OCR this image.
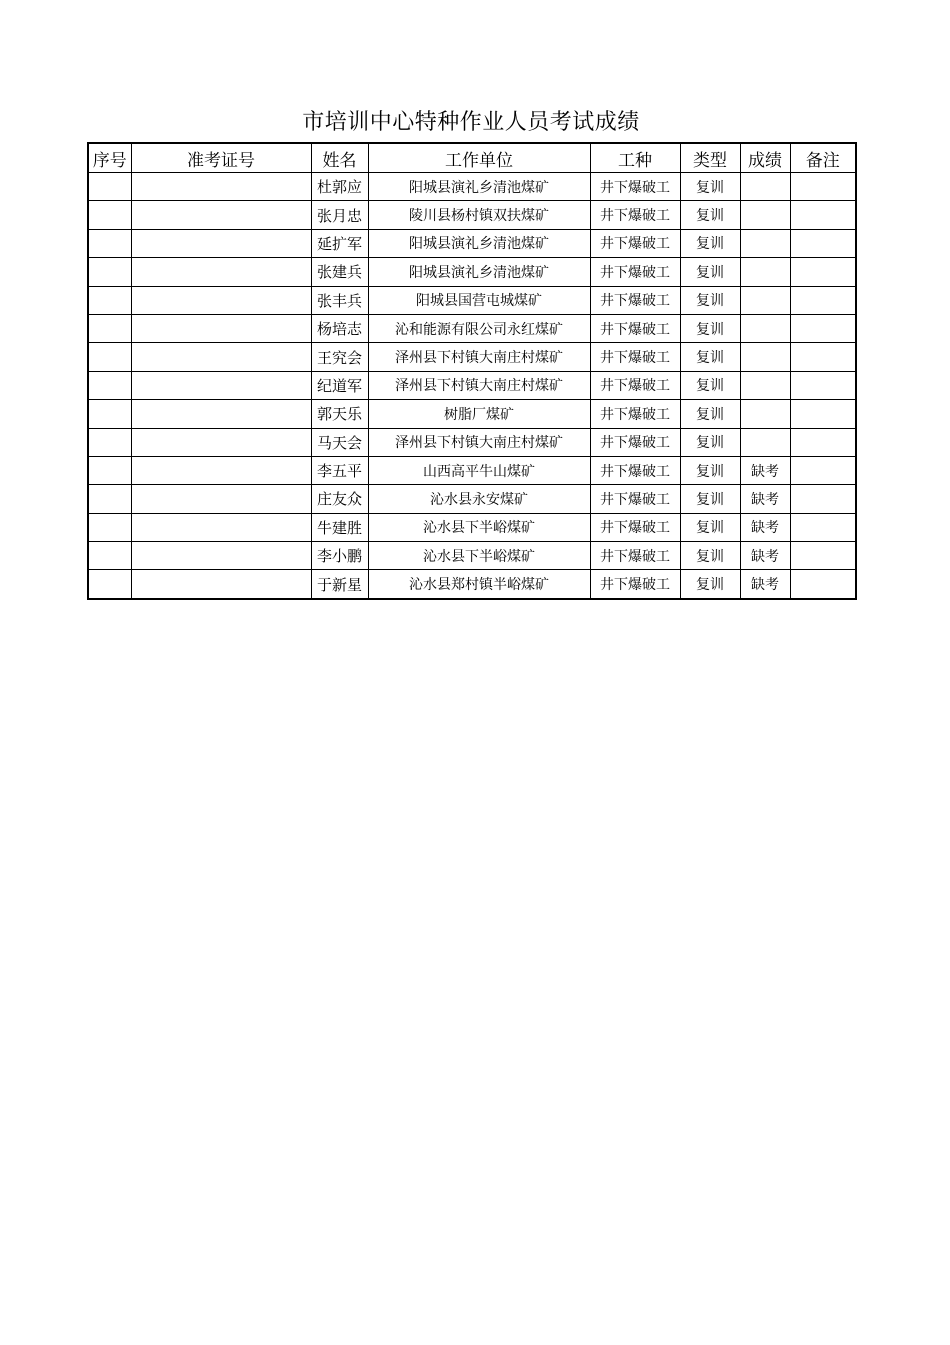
市培训中心特种作业人员考试成绩
序号	准考证号	姓名	工作单位	工种	类型	成绩	备注
		杜郭应	阳城县演礼乡清池煤矿	井下爆破工	复训		
		张月忠	陵川县杨村镇双扶煤矿	井下爆破工	复训		
		延扩军	阳城县演礼乡清池煤矿	井下爆破工	复训		
		张建兵	阳城县演礼乡清池煤矿	井下爆破工	复训		
		张丰兵	阳城县国营屯城煤矿	井下爆破工	复训		
		杨培志	沁和能源有限公司永红煤矿	井下爆破工	复训		
		王究会	泽州县下村镇大南庄村煤矿	井下爆破工	复训		
		纪道军	泽州县下村镇大南庄村煤矿	井下爆破工	复训		
		郭天乐	树脂厂煤矿	井下爆破工	复训		
		马天会	泽州县下村镇大南庄村煤矿	井下爆破工	复训		
		李五平	山西高平牛山煤矿	井下爆破工	复训	缺考	
		庄友众	沁水县永安煤矿	井下爆破工	复训	缺考	
		牛建胜	沁水县下半峪煤矿	井下爆破工	复训	缺考	
		李小鹏	沁水县下半峪煤矿	井下爆破工	复训	缺考	
		于新星	沁水县郑村镇半峪煤矿	井下爆破工	复训	缺考	
